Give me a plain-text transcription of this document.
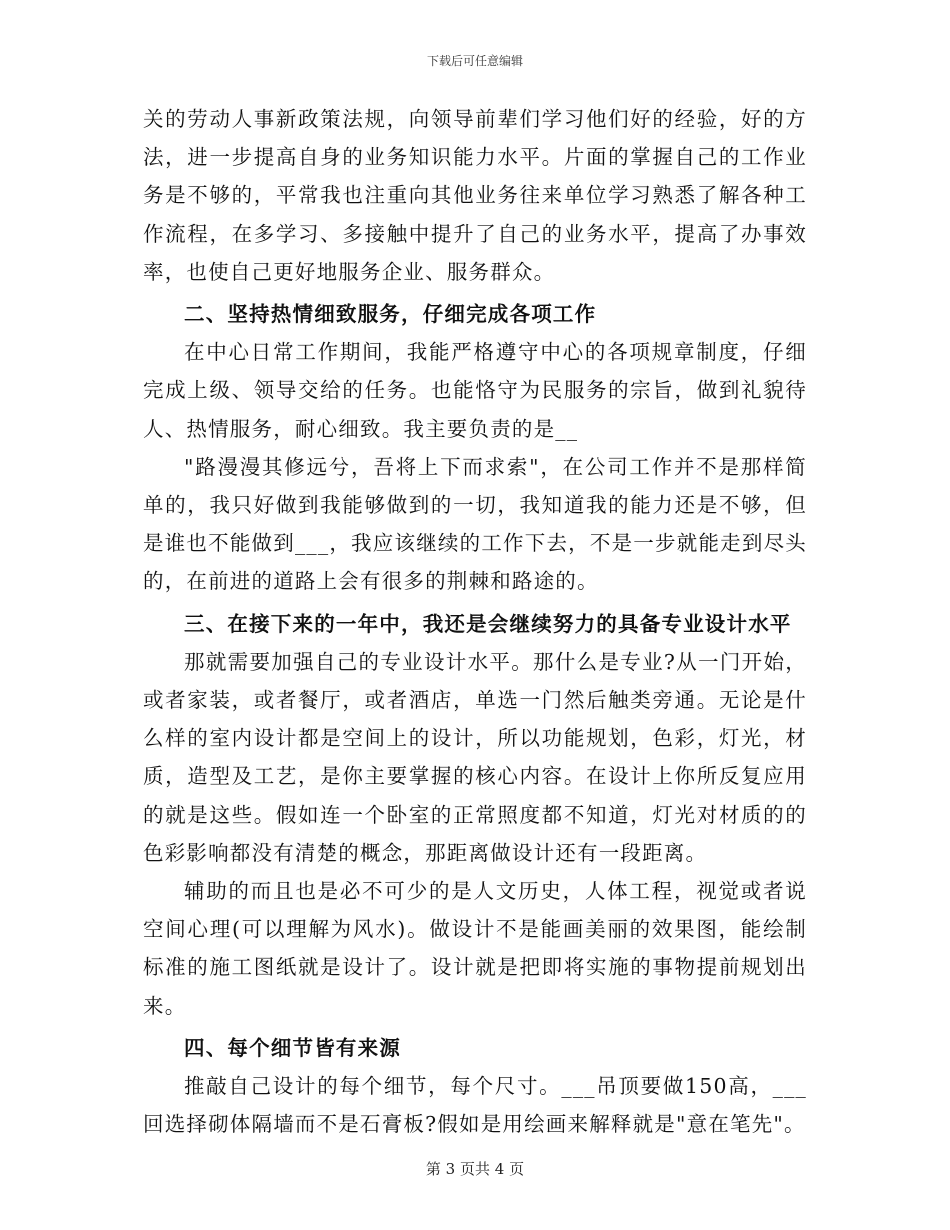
下载后可任意编辑

关的劳动人事新政策法规，向领导前辈们学习他们好的经验，好的方法，进一步提高自身的业务知识能力水平。片面的掌握自己的工作业务是不够的，平常我也注重向其他业务往来单位学习熟悉了解各种工作流程，在多学习、多接触中提升了自己的业务水平，提高了办事效率，也使自己更好地服务企业、服务群众。

二、坚持热情细致服务，仔细完成各项工作

在中心日常工作期间，我能严格遵守中心的各项规章制度，仔细完成上级、领导交给的任务。也能恪守为民服务的宗旨，做到礼貌待人、热情服务，耐心细致。我主要负责的是__

"路漫漫其修远兮，吾将上下而求索"，在公司工作并不是那样简单的，我只好做到我能够做到的一切，我知道我的能力还是不够，但是谁也不能做到___，我应该继续的工作下去，不是一步就能走到尽头的，在前进的道路上会有很多的荆棘和路途的。

三、在接下来的一年中，我还是会继续努力的具备专业设计水平

那就需要加强自己的专业设计水平。那什么是专业?从一门开始，或者家装，或者餐厅，或者酒店，单选一门然后触类旁通。无论是什么样的室内设计都是空间上的设计，所以功能规划，色彩，灯光，材质，造型及工艺，是你主要掌握的核心内容。在设计上你所反复应用的就是这些。假如连一个卧室的正常照度都不知道，灯光对材质的的色彩影响都没有清楚的概念，那距离做设计还有一段距离。

辅助的而且也是必不可少的是人文历史，人体工程，视觉或者说空间心理(可以理解为风水)。做设计不是能画美丽的效果图，能绘制标准的施工图纸就是设计了。设计就是把即将实施的事物提前规划出来。

四、每个细节皆有来源

推敲自己设计的每个细节，每个尺寸。___吊顶要做150高，___回选择砌体隔墙而不是石膏板?假如是用绘画来解释就是"意在笔先"。

第 3 页共 4 页
